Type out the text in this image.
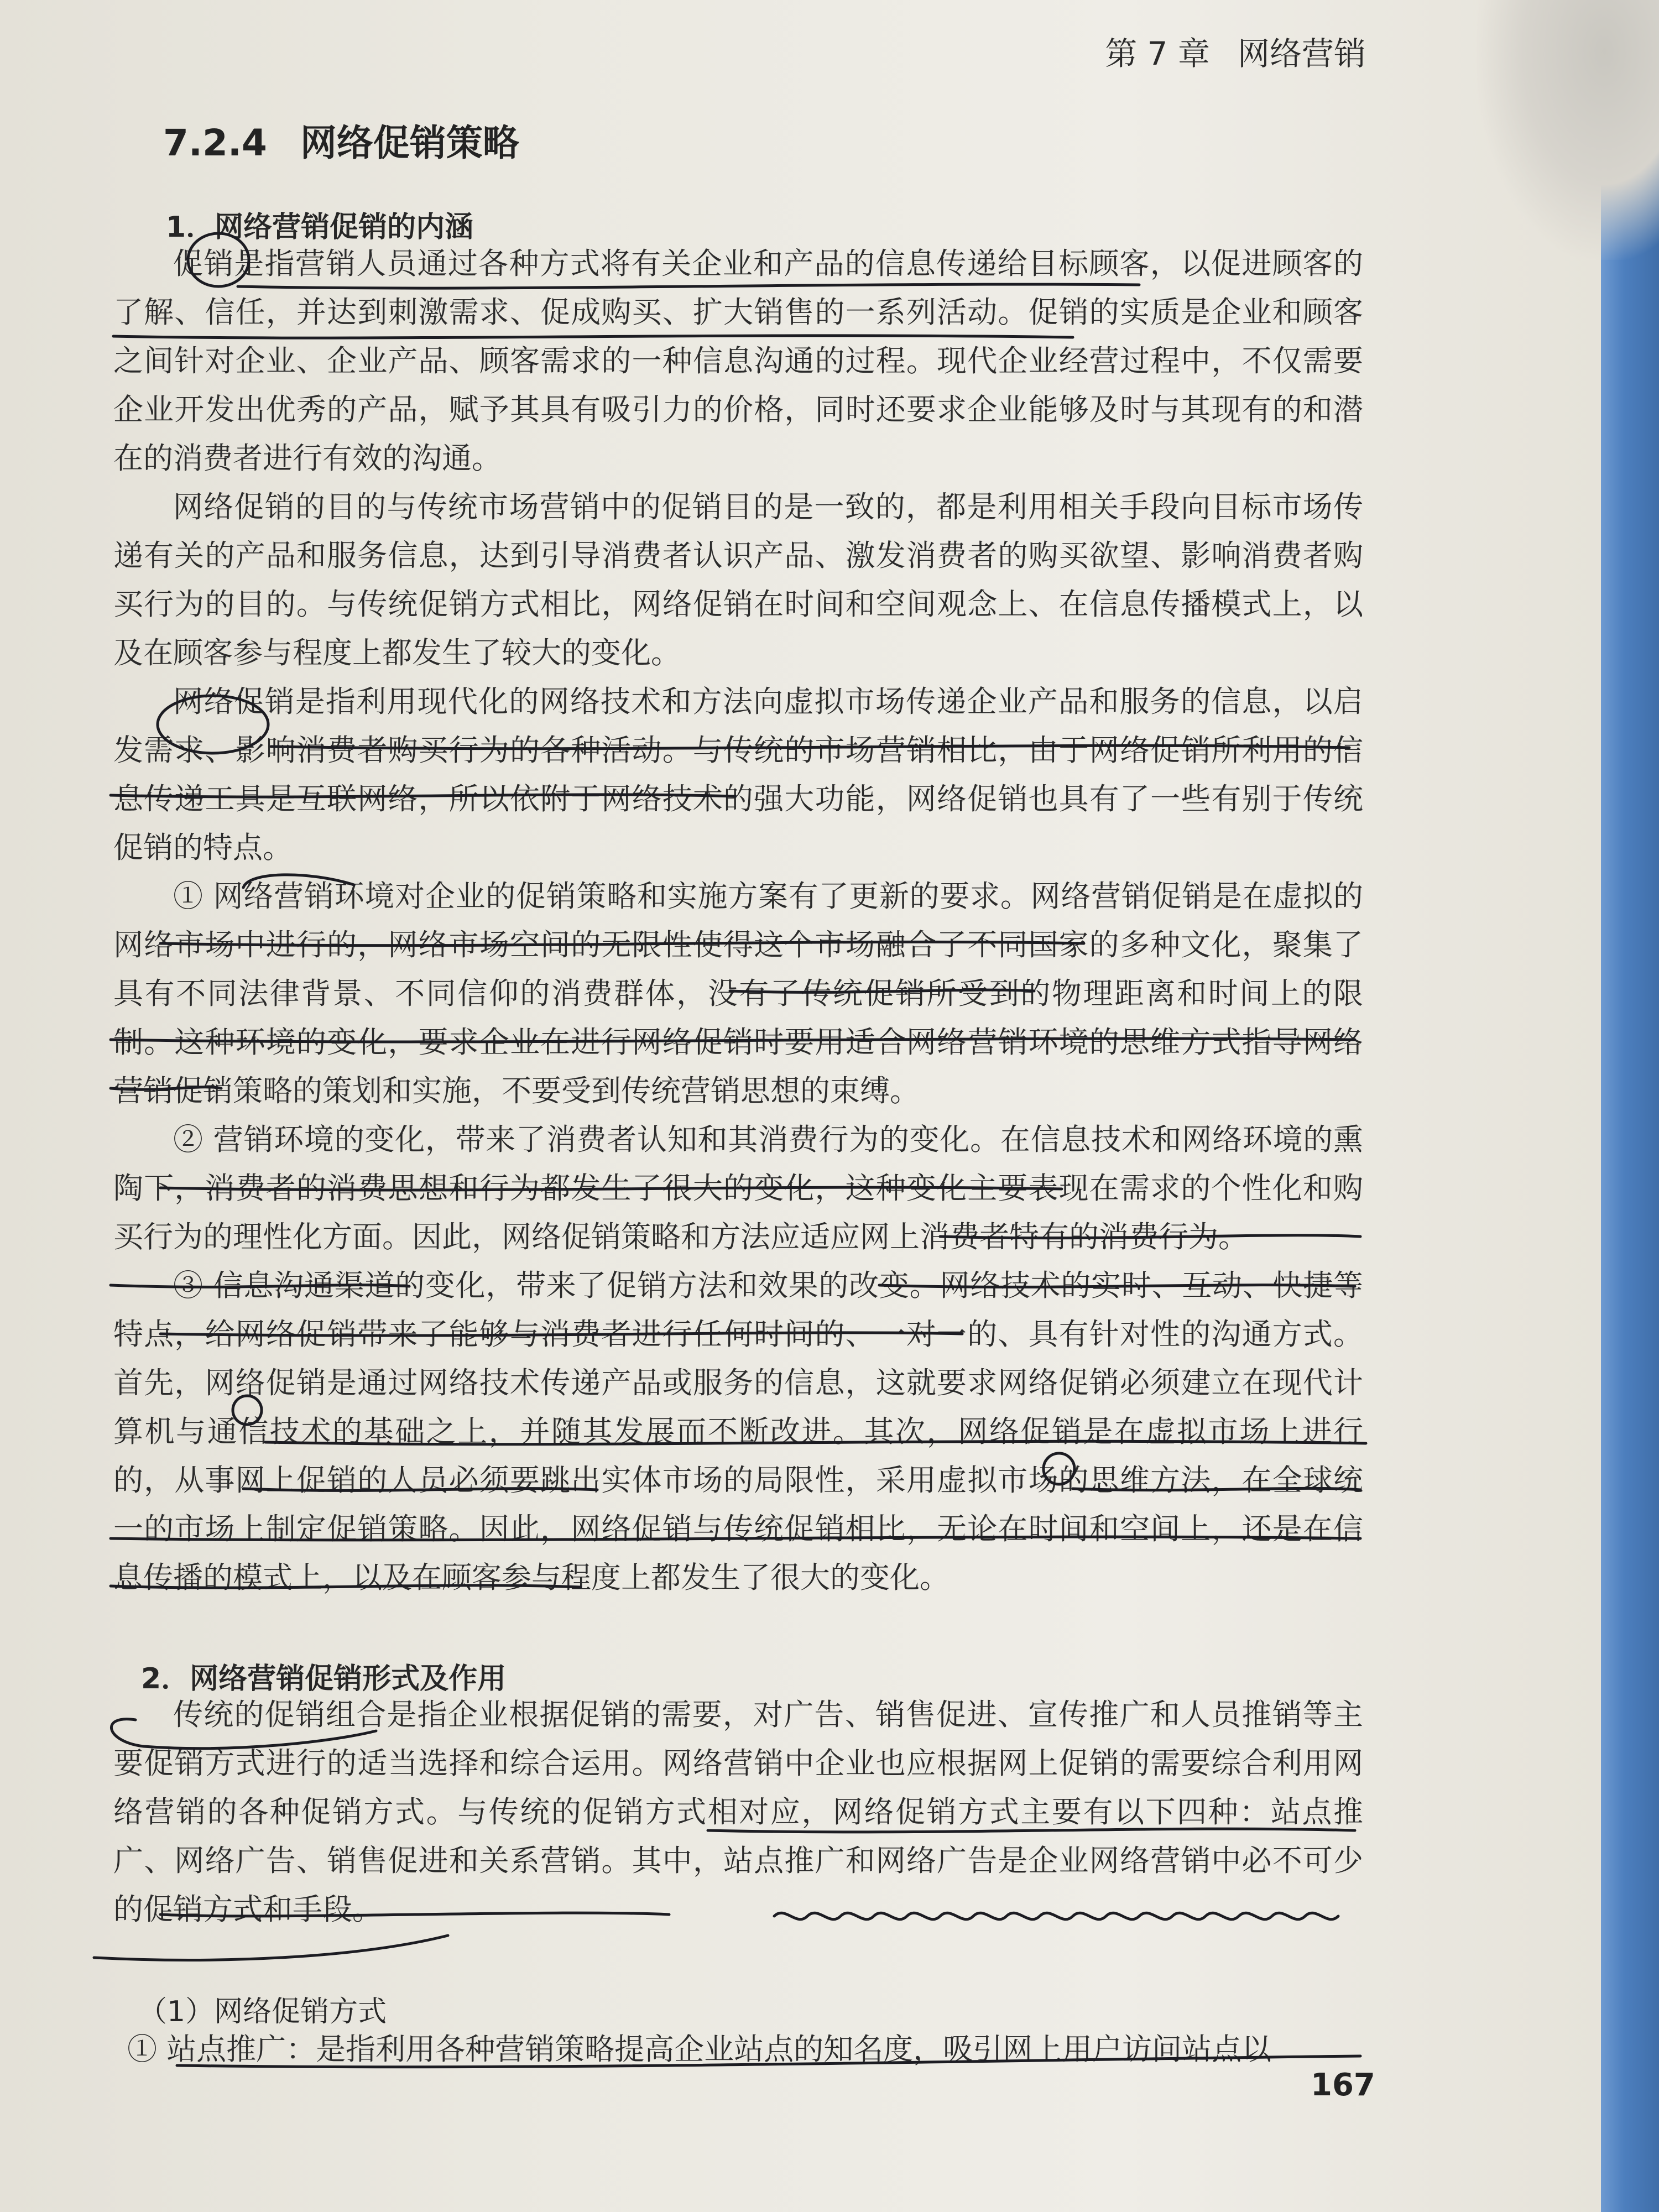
第 7 章 网络营销
7.2.4 网络促销策略
1．网络营销促销的内涵
促销是指营销人员通过各种方式将有关企业和产品的信息传递给目标顾客，以促进顾客的了解、信任，并达到刺激需求、促成购买、扩大销售的一系列活动。促销的实质是企业和顾客之间针对企业、企业产品、顾客需求的一种信息沟通的过程。现代企业经营过程中，不仅需要企业开发出优秀的产品，赋予其具有吸引力的价格，同时还要求企业能够及时与其现有的和潜在的消费者进行有效的沟通。
网络促销的目的与传统市场营销中的促销目的是一致的，都是利用相关手段向目标市场传递有关的产品和服务信息，达到引导消费者认识产品、激发消费者的购买欲望、影响消费者购买行为的目的。与传统促销方式相比，网络促销在时间和空间观念上、在信息传播模式上，以及在顾客参与程度上都发生了较大的变化。
网络促销是指利用现代化的网络技术和方法向虚拟市场传递企业产品和服务的信息，以启发需求、影响消费者购买行为的各种活动。与传统的市场营销相比，由于网络促销所利用的信息传递工具是互联网络，所以依附于网络技术的强大功能，网络促销也具有了一些有别于传统促销的特点。
① 网络营销环境对企业的促销策略和实施方案有了更新的要求。网络营销促销是在虚拟的网络市场中进行的，网络市场空间的无限性使得这个市场融合了不同国家的多种文化，聚集了具有不同法律背景、不同信仰的消费群体，没有了传统促销所受到的物理距离和时间上的限制。这种环境的变化，要求企业在进行网络促销时要用适合网络营销环境的思维方式指导网络营销促销策略的策划和实施，不要受到传统营销思想的束缚。
② 营销环境的变化，带来了消费者认知和其消费行为的变化。在信息技术和网络环境的熏陶下，消费者的消费思想和行为都发生了很大的变化，这种变化主要表现在需求的个性化和购买行为的理性化方面。因此，网络促销策略和方法应适应网上消费者特有的消费行为。
③ 信息沟通渠道的变化，带来了促销方法和效果的改变。网络技术的实时、互动、快捷等特点，给网络促销带来了能够与消费者进行任何时间的、一对一的、具有针对性的沟通方式。首先，网络促销是通过网络技术传递产品或服务的信息，这就要求网络促销必须建立在现代计算机与通信技术的基础之上，并随其发展而不断改进。其次，网络促销是在虚拟市场上进行的，从事网上促销的人员必须要跳出实体市场的局限性，采用虚拟市场的思维方法，在全球统一的市场上制定促销策略。因此，网络促销与传统促销相比，无论在时间和空间上，还是在信息传播的模式上，以及在顾客参与程度上都发生了很大的变化。
2．网络营销促销形式及作用
传统的促销组合是指企业根据促销的需要，对广告、销售促进、宣传推广和人员推销等主要促销方式进行的适当选择和综合运用。网络营销中企业也应根据网上促销的需要综合利用网络营销的各种促销方式。与传统的促销方式相对应，网络促销方式主要有以下四种：站点推广、网络广告、销售促进和关系营销。其中，站点推广和网络广告是企业网络营销中必不可少的促销方式和手段。
（1）网络促销方式
① 站点推广：是指利用各种营销策略提高企业站点的知名度，吸引网上用户访问站点以
167
